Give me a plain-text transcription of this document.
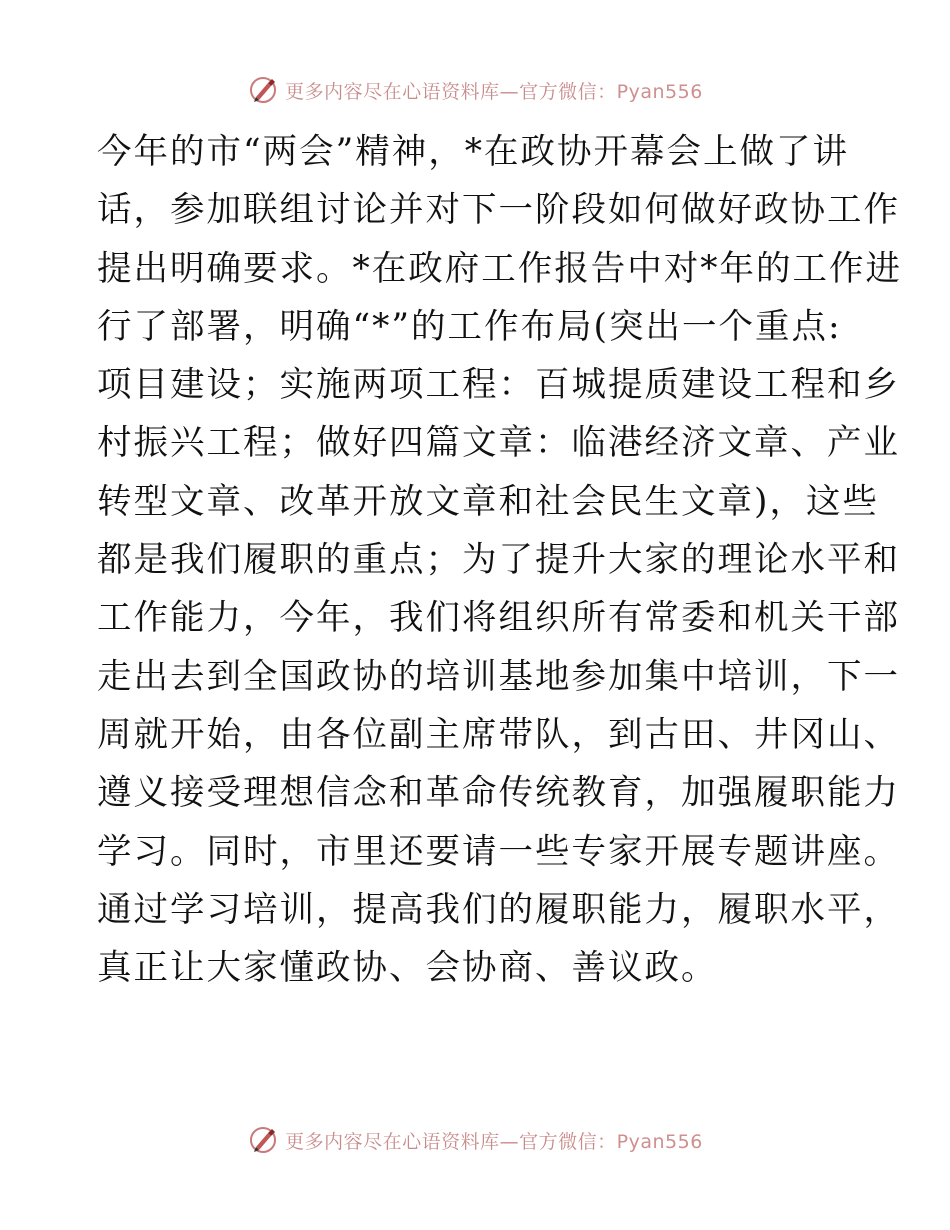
更多内容尽在心语资料库—官方微信：Pyan556
今年的市“两会”精神，*在政协开幕会上做了讲
话，参加联组讨论并对下一阶段如何做好政协工作
提出明确要求。*在政府工作报告中对*年的工作进
行了部署，明确“*”的工作布局(突出一个重点:
项目建设；实施两项工程：百城提质建设工程和乡
村振兴工程；做好四篇文章：临港经济文章、产业
转型文章、改革开放文章和社会民生文章)，这些
都是我们履职的重点；为了提升大家的理论水平和
工作能力，今年，我们将组织所有常委和机关干部
走出去到全国政协的培训基地参加集中培训，下一
周就开始，由各位副主席带队，到古田、井冈山、
遵义接受理想信念和革命传统教育，加强履职能力
学习。同时，市里还要请一些专家开展专题讲座。
通过学习培训，提高我们的履职能力，履职水平，
真正让大家懂政协、会协商、善议政。
更多内容尽在心语资料库—官方微信：Pyan556
